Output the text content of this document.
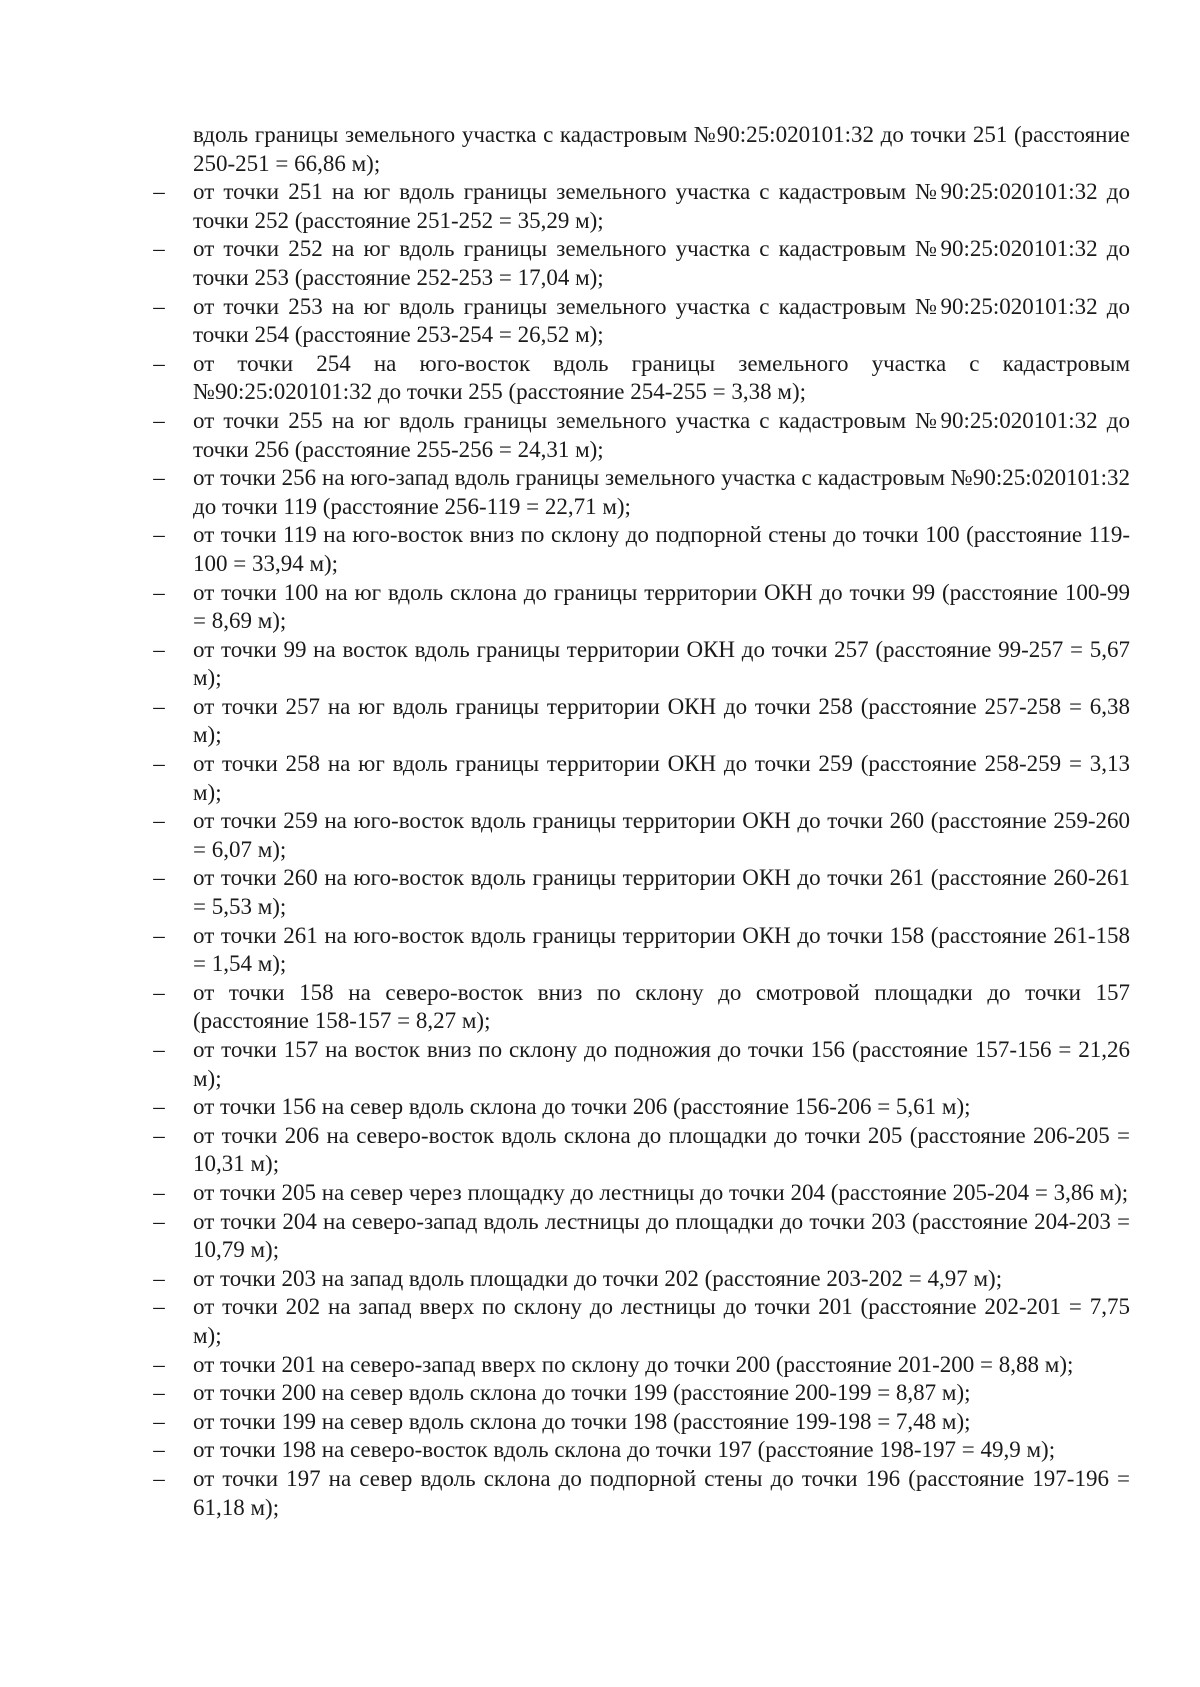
вдоль границы земельного участка с кадастровым №90:25:020101:32 до точки 251 (расстояние 250-251 = 66,86 м);

– от точки 251 на юг вдоль границы земельного участка с кадастровым №90:25:020101:32 до точки 252 (расстояние 251-252 = 35,29 м);
– от точки 252 на юг вдоль границы земельного участка с кадастровым №90:25:020101:32 до точки 253 (расстояние 252-253 = 17,04 м);
– от точки 253 на юг вдоль границы земельного участка с кадастровым №90:25:020101:32 до точки 254 (расстояние 253-254 = 26,52 м);
– от точки 254 на юго-восток вдоль границы земельного участка с кадастровым №90:25:020101:32 до точки 255 (расстояние 254-255 = 3,38 м);
– от точки 255 на юг вдоль границы земельного участка с кадастровым №90:25:020101:32 до точки 256 (расстояние 255-256 = 24,31 м);
– от точки 256 на юго-запад вдоль границы земельного участка с кадастровым №90:25:020101:32 до точки 119 (расстояние 256-119 = 22,71 м);
– от точки 119 на юго-восток вниз по склону до подпорной стены до точки 100 (расстояние 119-100 = 33,94 м);
– от точки 100 на юг вдоль склона до границы территории ОКН до точки 99 (расстояние 100-99 = 8,69 м);
– от точки 99 на восток вдоль границы территории ОКН до точки 257 (расстояние 99-257 = 5,67 м);
– от точки 257 на юг вдоль границы территории ОКН до точки 258 (расстояние 257-258 = 6,38 м);
– от точки 258 на юг вдоль границы территории ОКН до точки 259 (расстояние 258-259 = 3,13 м);
– от точки 259 на юго-восток вдоль границы территории ОКН до точки 260 (расстояние 259-260 = 6,07 м);
– от точки 260 на юго-восток вдоль границы территории ОКН до точки 261 (расстояние 260-261 = 5,53 м);
– от точки 261 на юго-восток вдоль границы территории ОКН до точки 158 (расстояние 261-158 = 1,54 м);
– от точки 158 на северо-восток вниз по склону до смотровой площадки до точки 157 (расстояние 158-157 = 8,27 м);
– от точки 157 на восток вниз по склону до подножия до точки 156 (расстояние 157-156 = 21,26 м);
– от точки 156 на север вдоль склона до точки 206 (расстояние 156-206 = 5,61 м);
– от точки 206 на северо-восток вдоль склона до площадки до точки 205 (расстояние 206-205 = 10,31 м);
– от точки 205 на север через площадку до лестницы до точки 204 (расстояние 205-204 = 3,86 м);
– от точки 204 на северо-запад вдоль лестницы до площадки до точки 203 (расстояние 204-203 = 10,79 м);
– от точки 203 на запад вдоль площадки до точки 202 (расстояние 203-202 = 4,97 м);
– от точки 202 на запад вверх по склону до лестницы до точки 201 (расстояние 202-201 = 7,75 м);
– от точки 201 на северо-запад вверх по склону до точки 200 (расстояние 201-200 = 8,88 м);
– от точки 200 на север вдоль склона до точки 199 (расстояние 200-199 = 8,87 м);
– от точки 199 на север вдоль склона до точки 198 (расстояние 199-198 = 7,48 м);
– от точки 198 на северо-восток вдоль склона до точки 197 (расстояние 198-197 = 49,9 м);
– от точки 197 на север вдоль склона до подпорной стены до точки 196 (расстояние 197-196 = 61,18 м);
